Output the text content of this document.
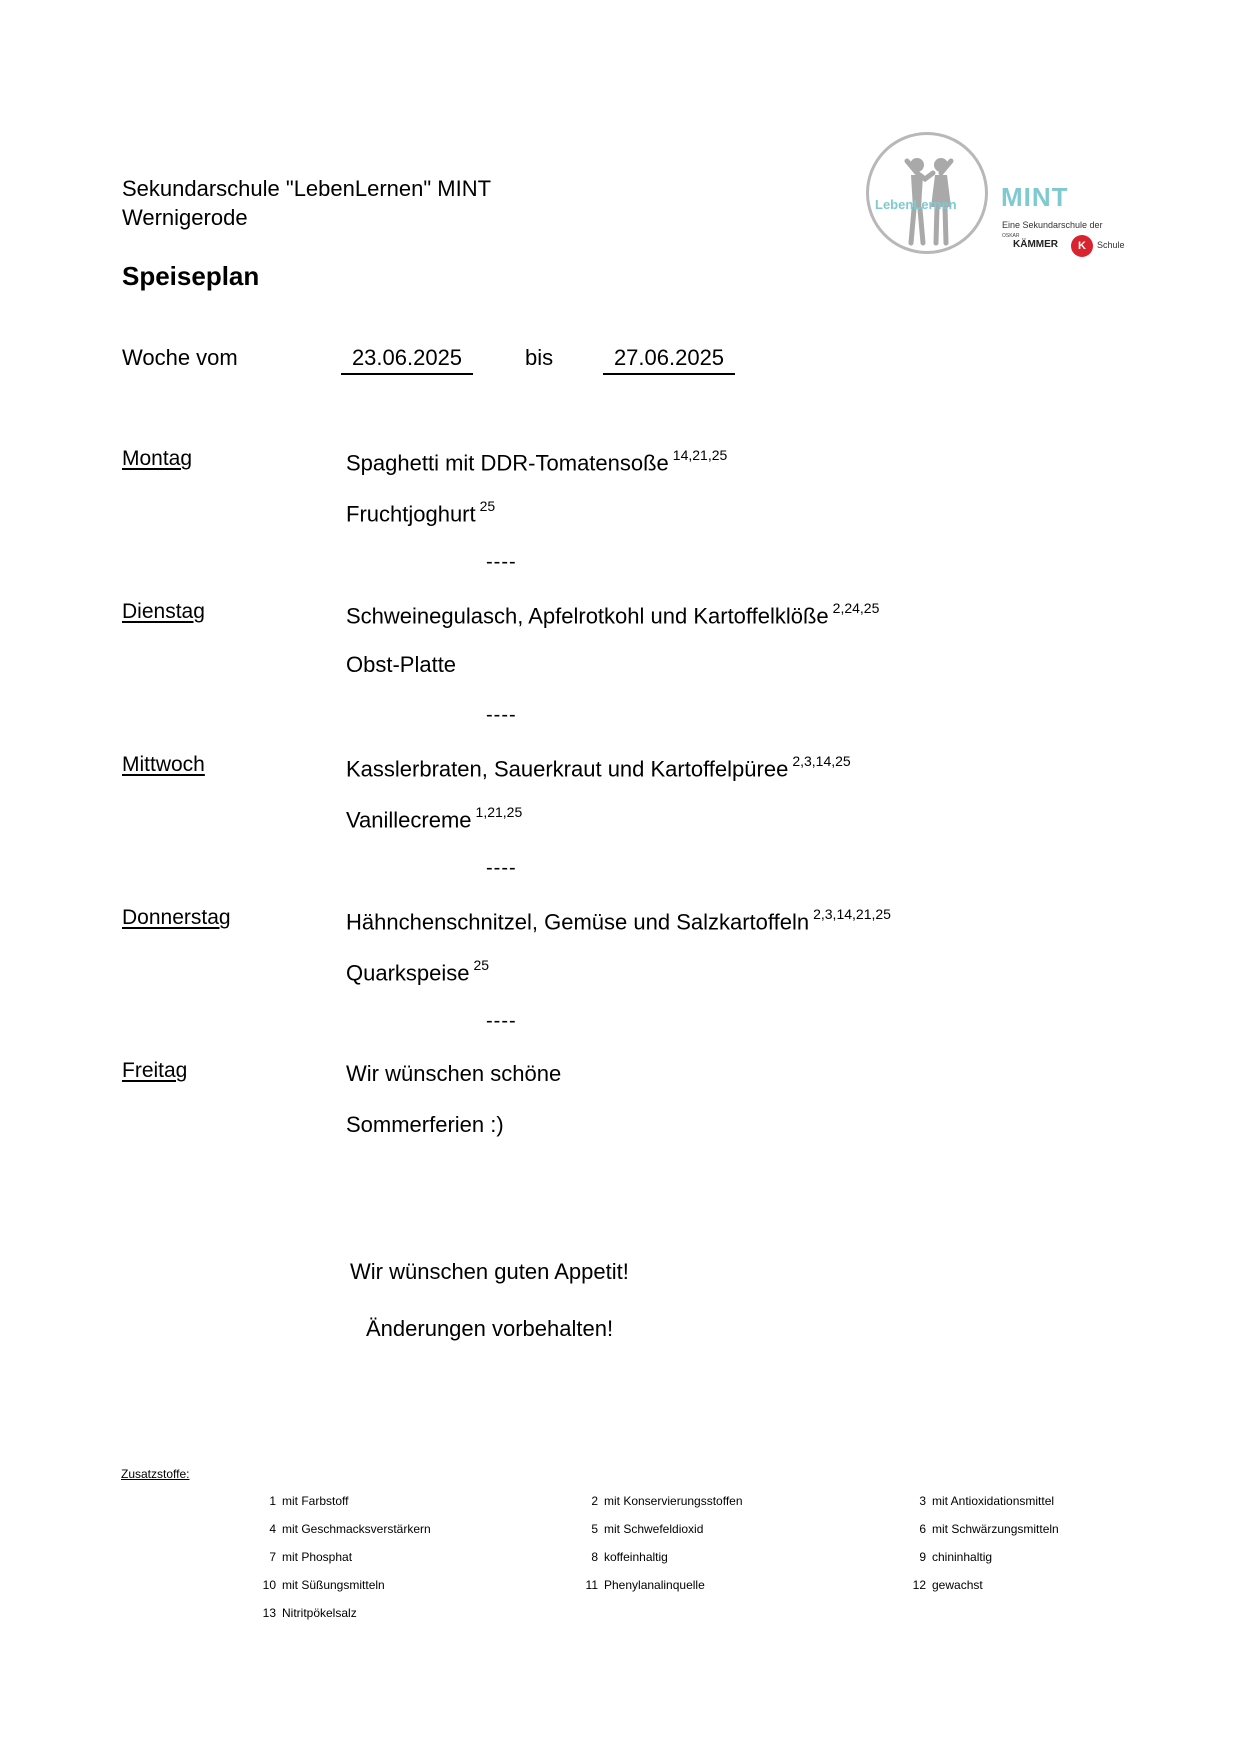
Sekundarschule "LebenLernen" MINT
Wernigerode
Speiseplan
LebenLernen MINT
Eine Sekundarschule der
OSKAR
KÄMMER	K	Schule
Woche vom	23.06.2025	bis	27.06.2025
Montag	Spaghetti mit DDR-Tomatensoße $^{14,21,25}$
Fruchtjoghurt $^{25}$
----
Dienstag	Schweinegulasch, Apfelrotkohl und Kartoffelklöße $^{2,24,25}$
Obst-Platte
----
Mittwoch	Kasslerbraten, Sauerkraut und Kartoffelpüree $^{2,3,14,25}$
Vanillecreme $^{1,21,25}$
----
Donnerstag	Hähnchenschnitzel, Gemüse und Salzkartoffeln $^{2,3,14,21,25}$
Quarkspeise $^{25}$
----
Freitag	Wir wünschen schöne
Sommerferien :)
Wir wünschen guten Appetit!
Änderungen vorbehalten!
Zusatzstoffe:
1 mit Farbstoff	2 mit Konservierungsstoffen	3 mit Antioxidationsmittel
4 mit Geschmacksverstärkern	5 mit Schwefeldioxid	6 mit Schwärzungsmitteln
7 mit Phosphat	8 koffeinhaltig	9 chininhaltig
10 mit Süßungsmitteln	11 Phenylanalinquelle	12 gewachst
13 Nitritpökelsalz
